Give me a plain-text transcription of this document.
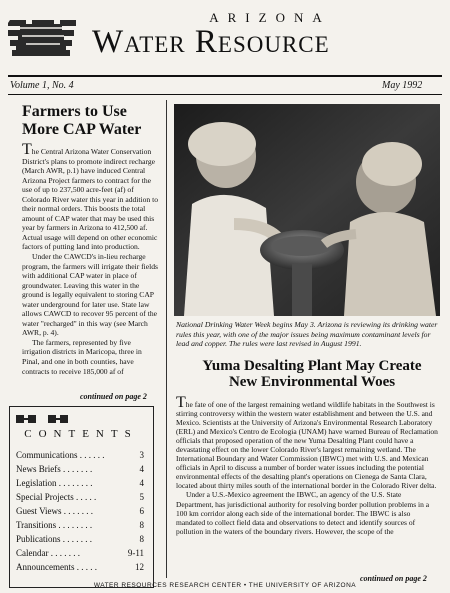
ARIZONA
Water Resource
Volume 1, No. 4	May 1992
Farmers to Use More CAP Water

The Central Arizona Water Conservation District's plans to promote indirect recharge (March AWR, p.1) have induced Central Arizona Project farmers to contract for the use of up to 237,500 acre-feet (af) of Colorado River water this year in addition to their normal orders. This boosts the total amount of CAP water that may be used this year by farmers in Arizona to 412,500 af. Actual usage will depend on other economic factors of putting land into production.

Under the CAWCD's in-lieu recharge program, the farmers will irrigate their fields with additional CAP water in place of groundwater. Leaving this water in the ground is legally equivalent to storing CAP water underground for later use. State law allows CAWCD to recover 95 percent of the water "recharged" in this way (see March AWR, p. 4).

The farmers, represented by five irrigation districts in Maricopa, three in Pinal, and one in both counties, have contracts to receive 185,000 af of

continued on page 2
CONTENTS
Communications . . . . . .	3
News Briefs . . . . . . .	4
Legislation . . . . . . . .	4
Special Projects . . . . .	5
Guest Views . . . . . . .	6
Transitions . . . . . . . .	8
Publications . . . . . . .	8
Calendar . . . . . . .	9-11
Announcements . . . . .	12
National Drinking Water Week begins May 3. Arizona is reviewing its drinking water rules this year, with one of the major issues being maximum contaminant levels for lead and copper. The rules were last revised in August 1991.
Yuma Desalting Plant May Create New Environmental Woes

The fate of one of the largest remaining wetland wildlife habitats in the Southwest is stirring controversy within the western water establishment and between the U.S. and Mexico. Scientists at the University of Arizona's Environmental Research Laboratory (ERL) and Mexico's Centro de Ecologia (UNAM) have warned Bureau of Reclamation officials that proposed operation of the new Yuma Desalting Plant could have a devastating effect on the lower Colorado River's largest remaining wetland. The International Boundary and Water Commission (IBWC) met with U.S. and Mexican officials in April to discuss a number of border water issues including the potential environmental effects of the desalting plant's operations on Cienega de Santa Clara, located about thirty miles south of the international border in the Colorado River delta.

Under a U.S.-Mexico agreement the IBWC, an agency of the U.S. State Department, has jurisdictional authority for resolving border pollution problems in a 100 km corridor along each side of the international border. The IBWC is also mandated to collect field data and observations to detect and identify sources of pollution in the waters of the boundary rivers. However, the scope of the

continued on page 2
WATER RESOURCES RESEARCH CENTER • THE UNIVERSITY OF ARIZONA
